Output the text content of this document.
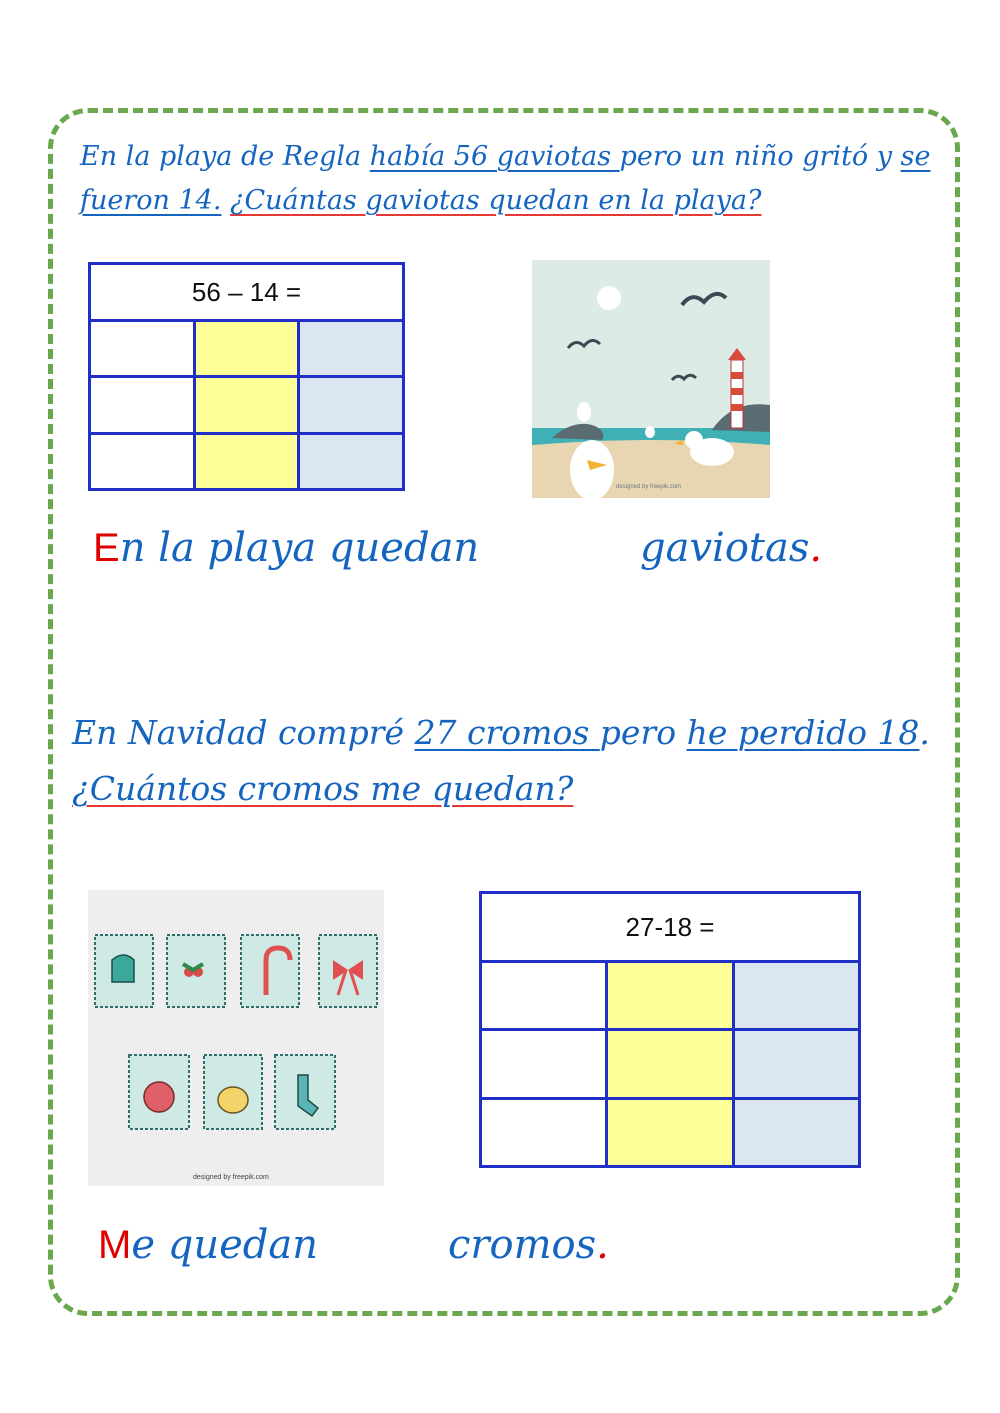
En la playa de Regla había 56 gaviotas pero un niño gritó y se fueron 14. ¿Cuántas gaviotas quedan en la playa?
56 – 14 =		

designed by freepik.com
En la playa quedan	gaviotas.
En Navidad compré 27 cromos pero he perdido 18. ¿Cuántos cromos me quedan?
designed by freepik.com
27-18 =		

Me quedan	cromos.
